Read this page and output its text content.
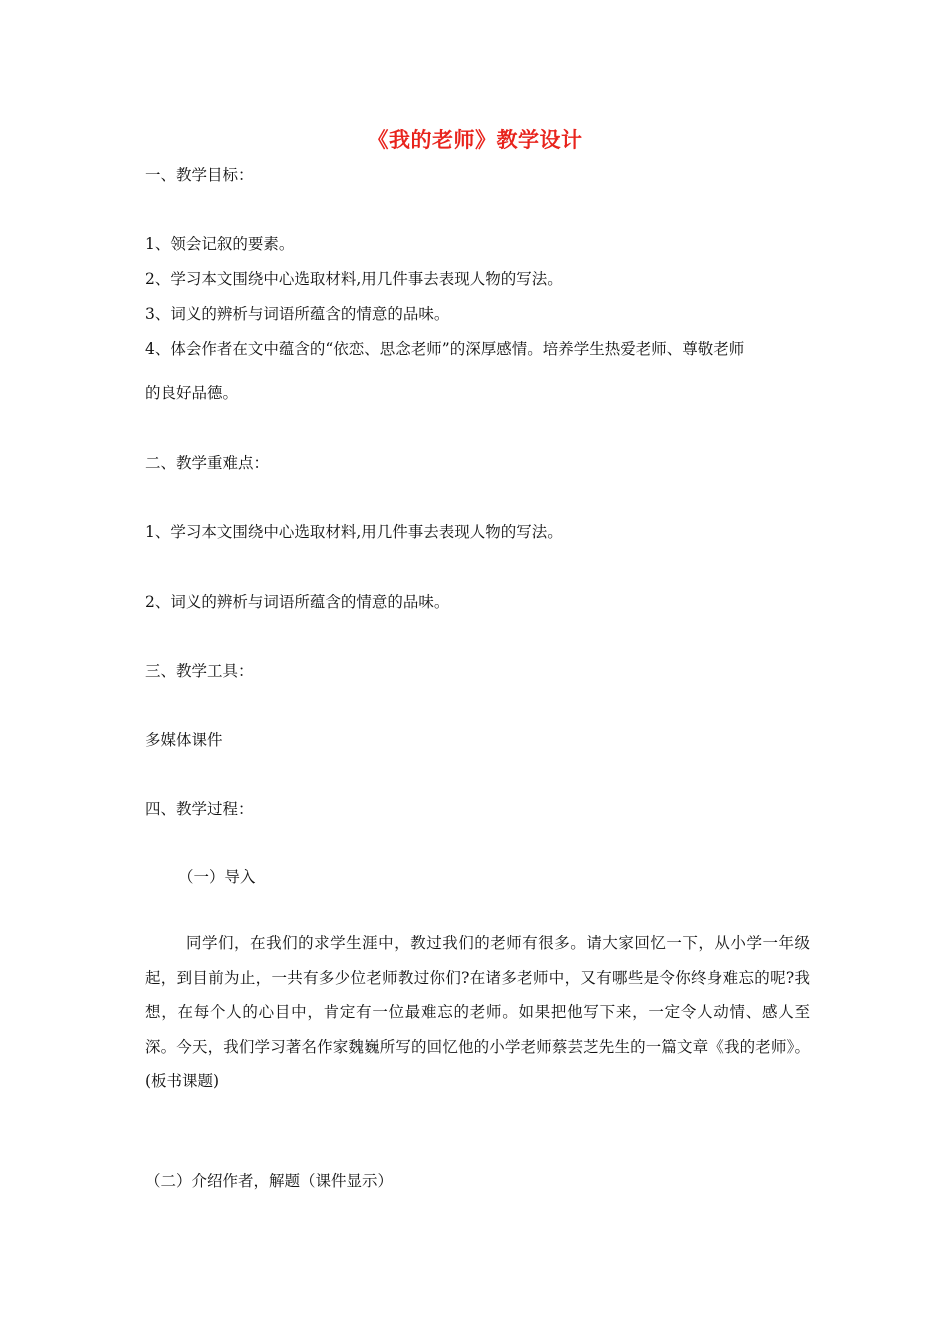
《我的老师》教学设计
一、教学目标：
1、领会记叙的要素。
2、学习本文围绕中心选取材料,用几件事去表现人物的写法。
3、词义的辨析与词语所蕴含的情意的品味。
4、体会作者在文中蕴含的“依恋、思念老师”的深厚感情。培养学生热爱老师、尊敬老师
的良好品德。
二、教学重难点：
1、学习本文围绕中心选取材料,用几件事去表现人物的写法。
2、词义的辨析与词语所蕴含的情意的品味。
三、教学工具：
多媒体课件
四、教学过程：
（一）导入
同学们，在我们的求学生涯中，教过我们的老师有很多。请大家回忆一下，从小学一年级起，到目前为止，一共有多少位老师教过你们?在诸多老师中，又有哪些是令你终身难忘的呢?我想，在每个人的心目中，肯定有一位最难忘的老师。如果把他写下来，一定令人动情、感人至深。今天，我们学习著名作家魏巍所写的回忆他的小学老师蔡芸芝先生的一篇文章《我的老师》。(板书课题)
（二）介绍作者，解题（课件显示）
